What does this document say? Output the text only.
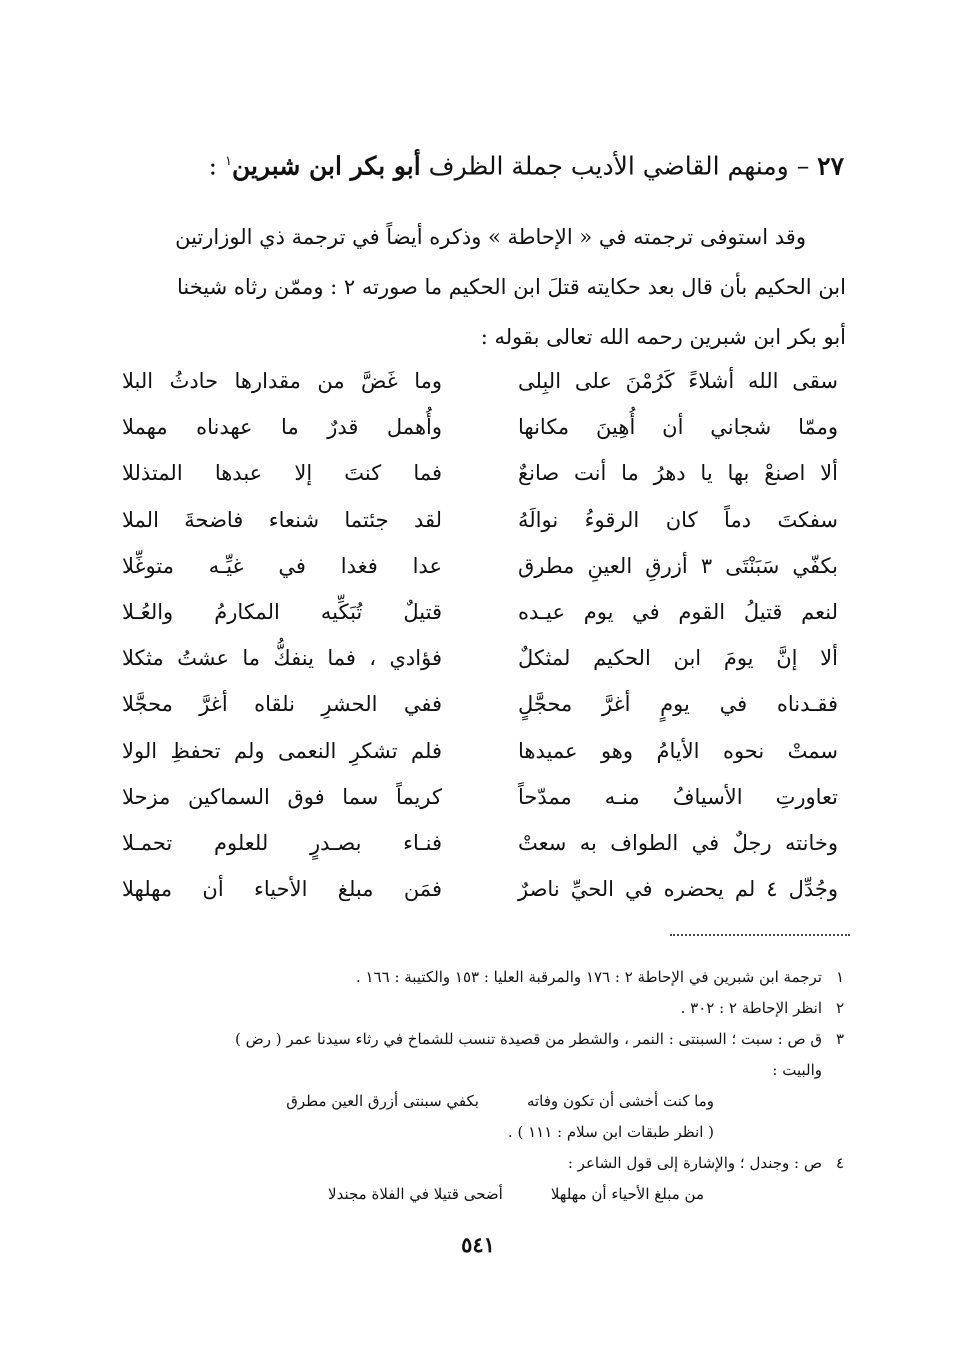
٢٧ – ومنهم القاضي الأديب جملة الظرف أبو بكر ابن شبرين$^١$ :

وقد استوفى ترجمته في « الإحاطة » وذكره أيضاً في ترجمة ذي الوزارتين

ابن الحكيم بأن قال بعد حكايته قتلَ ابن الحكيم ما صورته ٢ : وممّن رثاه شيخنا

أبو بكر ابن شبرين رحمه الله تعالى بقوله :

سقى الله أشلاءً كَرُمْنَ على البِلى
وما غَضَّ من مقدارها حادثُ البلا
وممّا شجاني أن أُهِينَ مكانها
وأُهمل قدرٌ ما عهدناه مهملا
ألا اصنعْ بها يا دهرُ ما أنت صانعٌ
فما كنتَ إلا عبدها المتذللا
سفكتَ دماً كان الرقوءُ نوالَهُ
لقد جئتما شنعاء فاضحةَ الملا
بكفّي سَبَنْتَى ٣ أزرقِ العينِ مطرق
عدا فغدا في غيِّـه متوغِّلا
لنعم قتيلُ القوم في يوم عيـده
قتيلٌ تُبَكِّيه المكارمُ والعُـلا
ألا إنَّ يومَ ابن الحكيم لمثكلٌ
فؤادي ، فما ينفكُّ ما عشتُ مثكلا
فقـدناه في يومٍ أغرَّ محجَّلٍ
ففي الحشرِ نلقاه أغرَّ محجَّلا
سمتْ نحوه الأيامُ وهو عميدها
فلم تشكرِ النعمى ولم تحفظِ الولا
تعاورتِ الأسيافُ منـه ممدّحاً
كريماً سما فوق السماكين مزحلا
وخانته رجلٌ في الطواف به سعتْ
فنـاء بصـدرٍ للعلوم تحمـلا
وجُدِّل ٤ لم يحضره في الحيِّ ناصرٌ
فمَن مبلغ الأحياء أن مهلهلا
١ترجمة ابن شبرين في الإحاطة ٢ : ١٧٦ والمرقبة العليا : ١٥٣ والكتيبة : ١٦٦ .
٢انظر الإحاطة ٢ : ٣٠٢ .
٣ق ص : سبت ؛ السبنتى : النمر ، والشطر من قصيدة تنسب للشماخ في رثاء سيدنا عمر ( رض )
والبيت :
وما كنت أخشى أن تكون وفاته
بكفي سبنتى أزرق العين مطرق
( انظر طبقات ابن سلام : ١١١ ) .
٤ص : وجندل ؛ والإشارة إلى قول الشاعر :
من مبلغ الأحياء أن مهلهلا
أضحى قتيلا في الفلاة مجندلا
٥٤١
